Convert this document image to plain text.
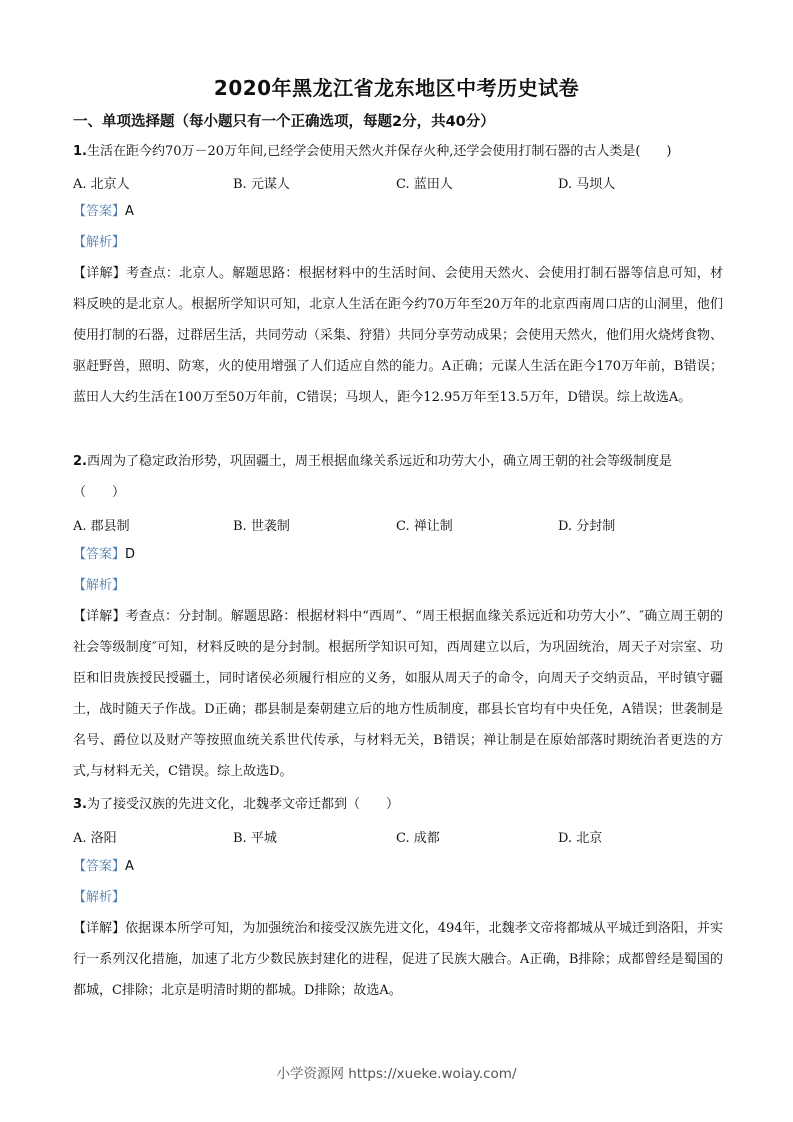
2020年黑龙江省龙东地区中考历史试卷
一、单项选择题（每小题只有一个正确选项，每题2分，共40分）
1.生活在距今约70万－20万年间,已经学会使用天然火并保存火种,还学会使用打制石器的古人类是(　　)
A. 北京人	B. 元谋人	C. 蓝田人	D. 马坝人
【答案】A
【解析】
【详解】考查点：北京人。解题思路：根据材料中的生活时间、会使用天然火、会使用打制石器等信息可知，材料反映的是北京人。根据所学知识可知，北京人生活在距今约70万年至20万年的北京西南周口店的山洞里，他们使用打制的石器，过群居生活，共同劳动（采集、狩猎）共同分享劳动成果；会使用天然火，他们用火烧烤食物、驱赶野兽，照明、防寒，火的使用增强了人们适应自然的能力。A正确；元谋人生活在距今170万年前，B错误；蓝田人大约生活在100万至50万年前，C错误；马坝人，距今12.95万年至13.5万年，D错误。综上故选A。
2.西周为了稳定政治形势，巩固疆土，周王根据血缘关系远近和功劳大小，确立周王朝的社会等级制度是
（　　）
A. 郡县制	B. 世袭制	C. 禅让制	D. 分封制
【答案】D
【解析】
【详解】考查点：分封制。解题思路：根据材料中“西周”、“周王根据血缘关系远近和功劳大小”、″确立周王朝的社会等级制度″可知，材料反映的是分封制。根据所学知识可知，西周建立以后，为巩固统治，周天子对宗室、功臣和旧贵族授民授疆土，同时诸侯必须履行相应的义务，如服从周天子的命令，向周天子交纳贡品，平时镇守疆土，战时随天子作战。D正确；郡县制是秦朝建立后的地方性质制度，郡县长官均有中央任免，A错误；世袭制是名号、爵位以及财产等按照血统关系世代传承，与材料无关，B错误；禅让制是在原始部落时期统治者更迭的方式,与材料无关，C错误。综上故选D。
3.为了接受汉族的先进文化，北魏孝文帝迁都到（　　）
A. 洛阳	B. 平城	C. 成都	D. 北京
【答案】A
【解析】
【详解】依据课本所学可知，为加强统治和接受汉族先进文化，494年，北魏孝文帝将都城从平城迁到洛阳，并实行一系列汉化措施，加速了北方少数民族封建化的进程，促进了民族大融合。A正确，B排除；成都曾经是蜀国的都城，C排除；北京是明清时期的都城。D排除；故选A。
小学资源网 https://xueke.woiay.com/
